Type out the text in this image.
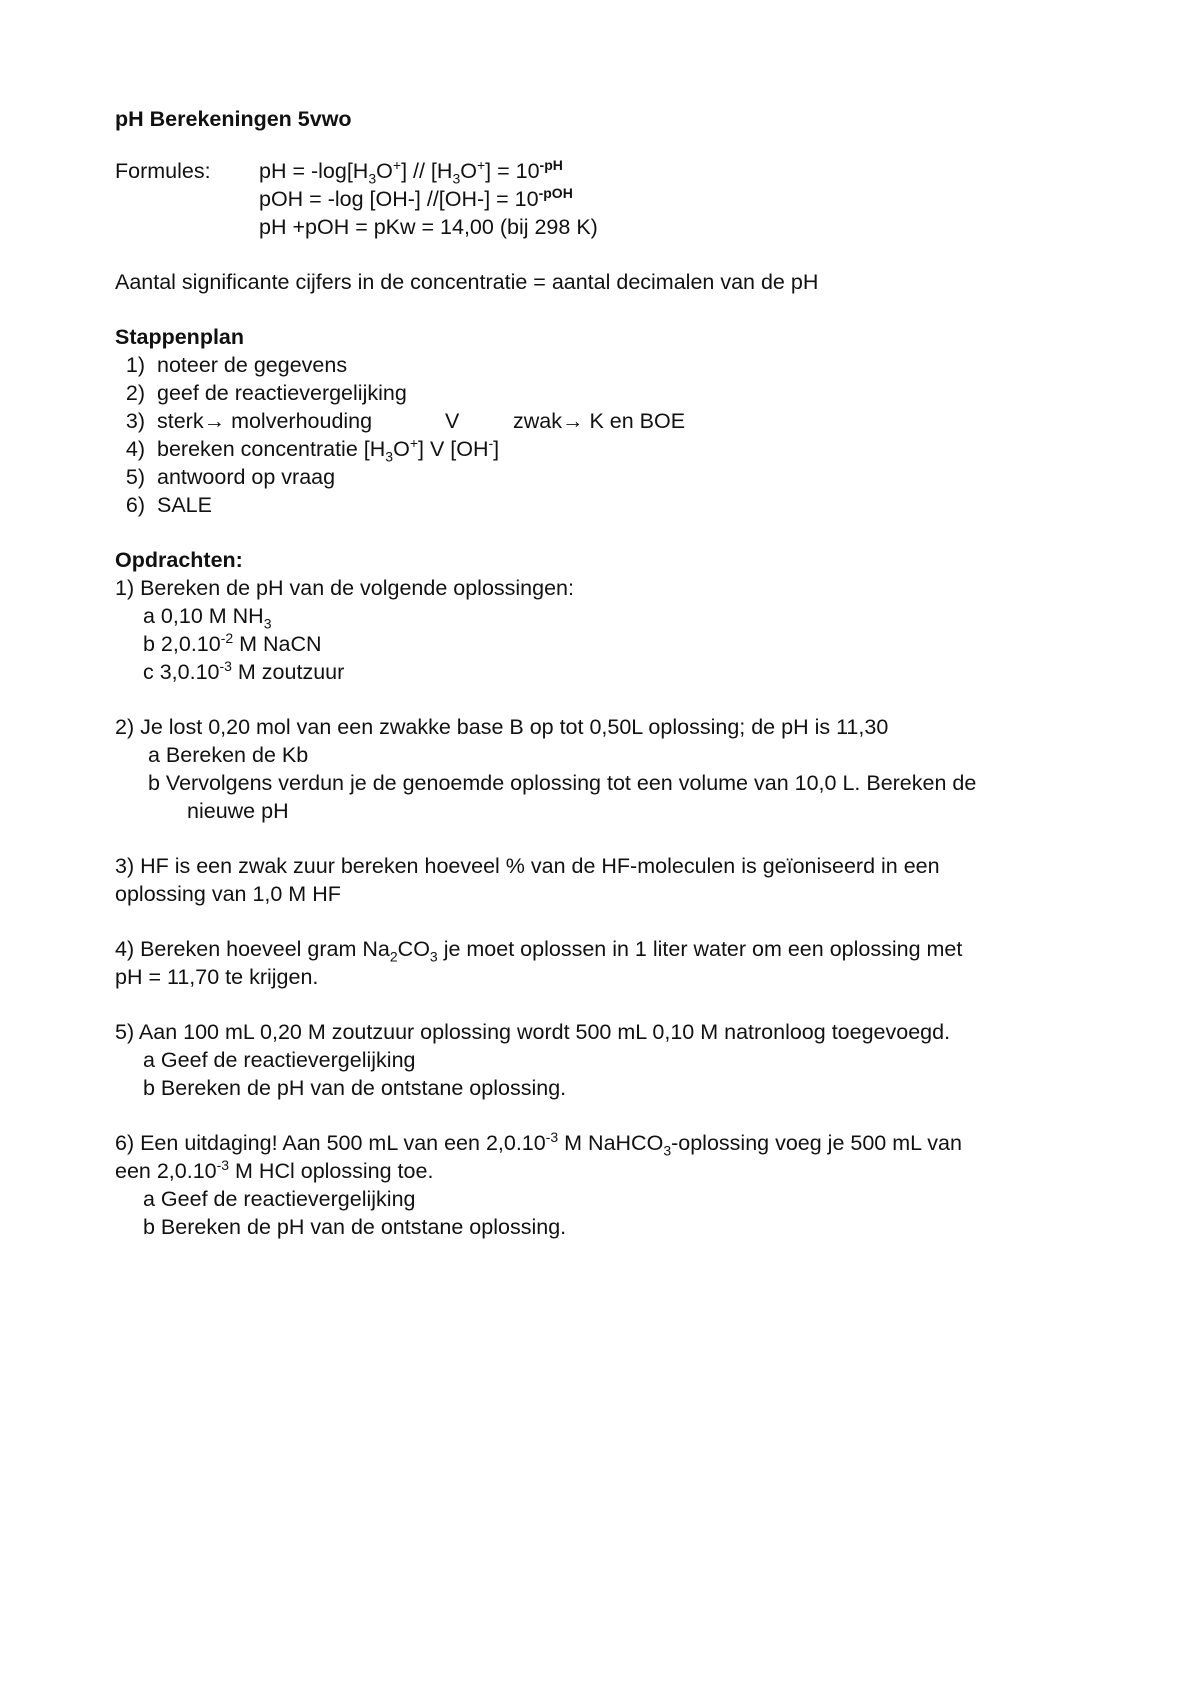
pH Berekeningen 5vwo
Formules: pH = $-\log[H_3O^+] // [H_3O^+] = 10^{-pH}$
pOH = -log [OH-] $//[OH-] = 10^{-pOH}$
pH +pOH = pKw = 14,00 (bij 298 K)
Aantal significante cijfers in de concentratie = aantal decimalen van de pH
Stappenplan
1) noteer de gegevens
2) geef de reactievergelijking
3) sterk→ molverhouding	V zwak→ K en BOE
4) bereken concentratie $[H_3O^+]$ V [OH-]
5) antwoord op vraag
6) SALE
Opdrachten:
1) Bereken de pH van de volgende oplossingen:
a 0,10 M $NH_3$
b $2,0.10^{-2}$ M NaCN
c $3,0.10^{-3}$ M zoutzuur
2) Je lost 0,20 mol van een zwakke base B op tot 0,50L oplossing; de pH is 11,30
a Bereken de Kb
b Vervolgens verdun je de genoemde oplossing tot een volume van 10,0 L. Bereken de
nieuwe pH
3) HF is een zwak zuur bereken hoeveel % van de HF-moleculen is geïoniseerd in een
oplossing van 1,0 M HF
4) Bereken hoeveel gram $Na_2CO_3$ je moet oplossen in 1 liter water om een oplossing met
pH = 11,70 te krijgen.
5) Aan 100 mL 0,20 M zoutzuur oplossing wordt 500 mL 0,10 M natronloog toegevoegd.
a Geef de reactievergelijking
b Bereken de pH van de ontstane oplossing.
6) Een uitdaging! Aan 500 mL van een $2,0.10^{-3}$ M NaHCO$_3$-oplossing voeg je 500 mL van
een $2,0.10^{-3}$ M HCl oplossing toe.
a Geef de reactievergelijking
b Bereken de pH van de ontstane oplossing.
